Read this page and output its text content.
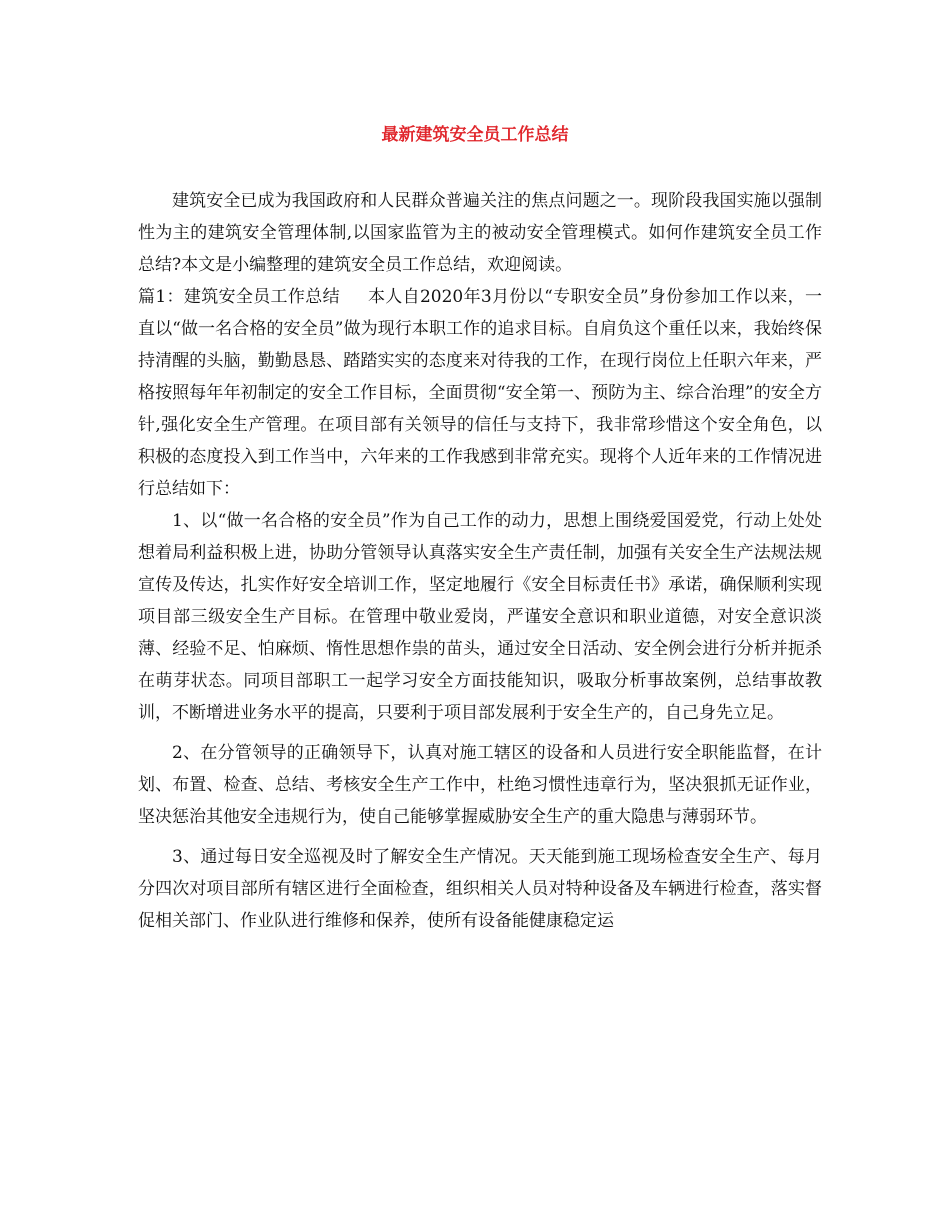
最新建筑安全员工作总结

建筑安全已成为我国政府和人民群众普遍关注的焦点问题之一。现阶段我国实施以强制性为主的建筑安全管理体制,以国家监管为主的被动安全管理模式。如何作建筑安全员工作总结?本文是小编整理的建筑安全员工作总结，欢迎阅读。

篇1：建筑安全员工作总结 本人自2020年3月份以“专职安全员”身份参加工作以来，一直以“做一名合格的安全员”做为现行本职工作的追求目标。自肩负这个重任以来，我始终保持清醒的头脑，勤勤恳恳、踏踏实实的态度来对待我的工作，在现行岗位上任职六年来，严格按照每年年初制定的安全工作目标，全面贯彻“安全第一、预防为主、综合治理”的安全方针,强化安全生产管理。在项目部有关领导的信任与支持下，我非常珍惜这个安全角色，以积极的态度投入到工作当中，六年来的工作我感到非常充实。现将个人近年来的工作情况进行总结如下：

1、以“做一名合格的安全员”作为自己工作的动力，思想上围绕爱国爱党，行动上处处想着局利益积极上进，协助分管领导认真落实安全生产责任制，加强有关安全生产法规法规宣传及传达，扎实作好安全培训工作，坚定地履行《安全目标责任书》承诺，确保顺利实现项目部三级安全生产目标。在管理中敬业爱岗，严谨安全意识和职业道德，对安全意识淡薄、经验不足、怕麻烦、惰性思想作祟的苗头，通过安全日活动、安全例会进行分析并扼杀在萌芽状态。同项目部职工一起学习安全方面技能知识，吸取分析事故案例，总结事故教训，不断增进业务水平的提高，只要利于项目部发展利于安全生产的，自己身先立足。

2、在分管领导的正确领导下，认真对施工辖区的设备和人员进行安全职能监督，在计划、布置、检查、总结、考核安全生产工作中，杜绝习惯性违章行为，坚决狠抓无证作业，坚决惩治其他安全违规行为，使自己能够掌握威胁安全生产的重大隐患与薄弱环节。

3、通过每日安全巡视及时了解安全生产情况。天天能到施工现场检查安全生产、每月分四次对项目部所有辖区进行全面检查，组织相关人员对特种设备及车辆进行检查，落实督促相关部门、作业队进行维修和保养，使所有设备能健康稳定运
